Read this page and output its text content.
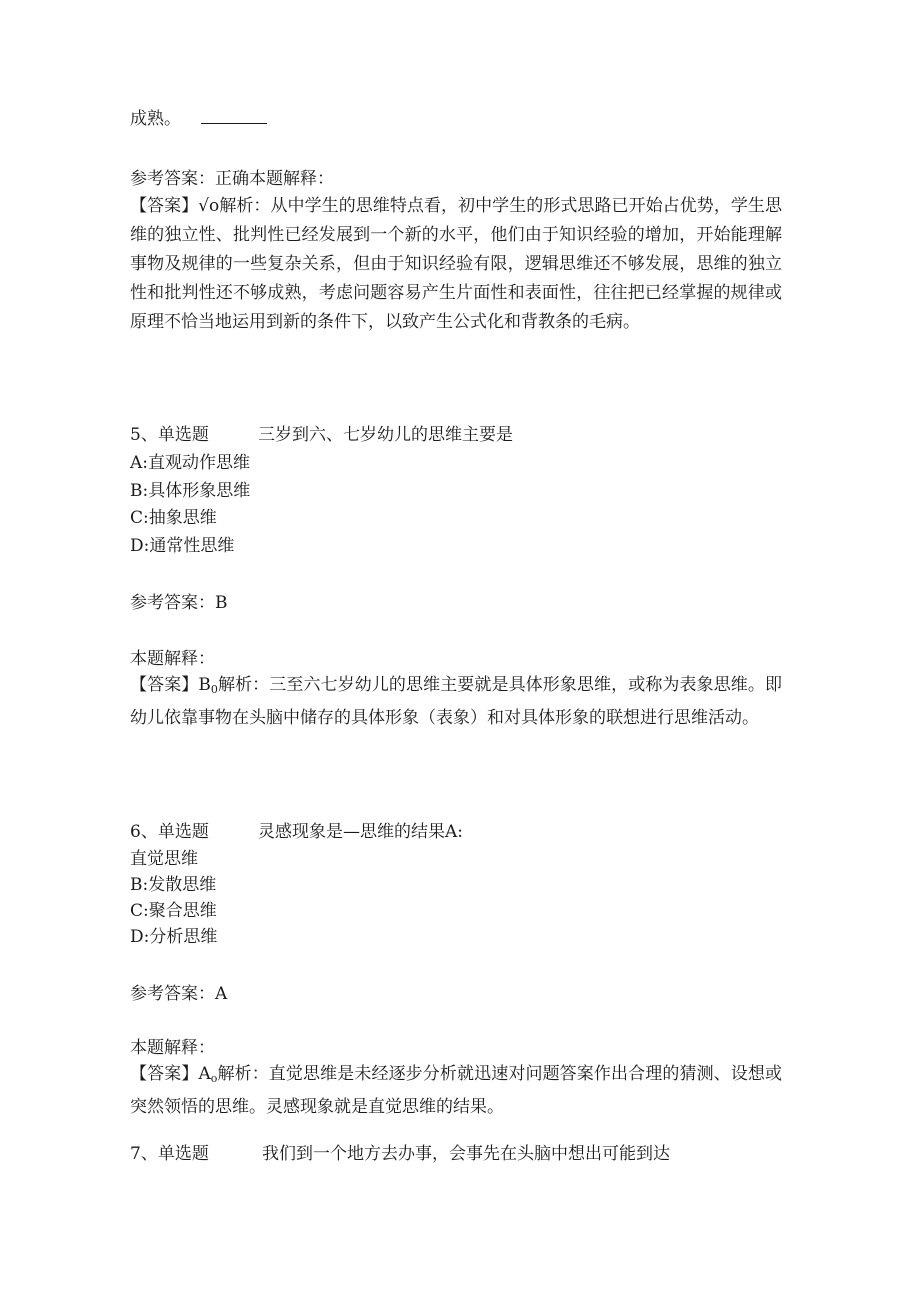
成熟。
参考答案：正确本题解释：
【答案】√ο解析：从中学生的思维特点看，初中学生的形式思路已开始占优势，学生思维的独立性、批判性已经发展到一个新的水平，他们由于知识经验的增加，开始能理解事物及规律的一些复杂关系，但由于知识经验有限，逻辑思维还不够发展，思维的独立性和批判性还不够成熟，考虑问题容易产生片面性和表面性，往往把已经掌握的规律或原理不恰当地运用到新的条件下，以致产生公式化和背教条的毛病。
5、单选题	三岁到六、七岁幼儿的思维主要是
A:直观动作思维
B:具体形象思维
C:抽象思维
D:通常性思维
参考答案：B
本题解释：
【答案】$B_0$解析：三至六七岁幼儿的思维主要就是具体形象思维，或称为表象思维。即幼儿依靠事物在头脑中储存的具体形象（表象）和对具体形象的联想进行思维活动。
6、单选题	灵感现象是—思维的结果A:
直觉思维
B:发散思维
C:聚合思维
D:分析思维
参考答案：A
本题解释：
【答案】$A_o$解析：直觉思维是未经逐步分析就迅速对问题答案作出合理的猜测、设想或突然领悟的思维。灵感现象就是直觉思维的结果。
7、单选题	我们到一个地方去办事，会事先在头脑中想出可能到达
